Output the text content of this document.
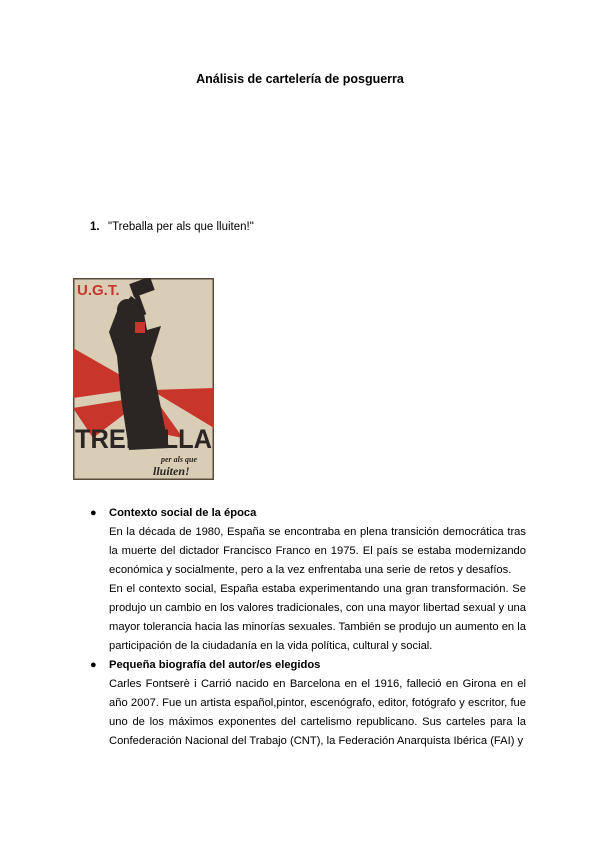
Análisis de cartelería de posguerra
1. "Treballa per als que lluiten!"
U.G.T.
TREBALLA
per als que
lluiten!
● Contexto social de la época
En la década de 1980, España se encontraba en plena transición democrática tras la muerte del dictador Francisco Franco en 1975. El país se estaba modernizando económica y socialmente, pero a la vez enfrentaba una serie de retos y desafíos.
En el contexto social, España estaba experimentando una gran transformación. Se produjo un cambio en los valores tradicionales, con una mayor libertad sexual y una mayor tolerancia hacia las minorías sexuales. También se produjo un aumento en la participación de la ciudadanía en la vida política, cultural y social.
● Pequeña biografía del autor/es elegidos
Carles Fontserè i Carrió nacido en Barcelona en el 1916, falleció en Girona en el año 2007. Fue un artista español,pintor, escenógrafo, editor, fotógrafo y escritor, fue uno de los máximos exponentes del cartelismo republicano. Sus carteles para la Confederación Nacional del Trabajo (CNT), la Federación Anarquista Ibérica (FAI) y
